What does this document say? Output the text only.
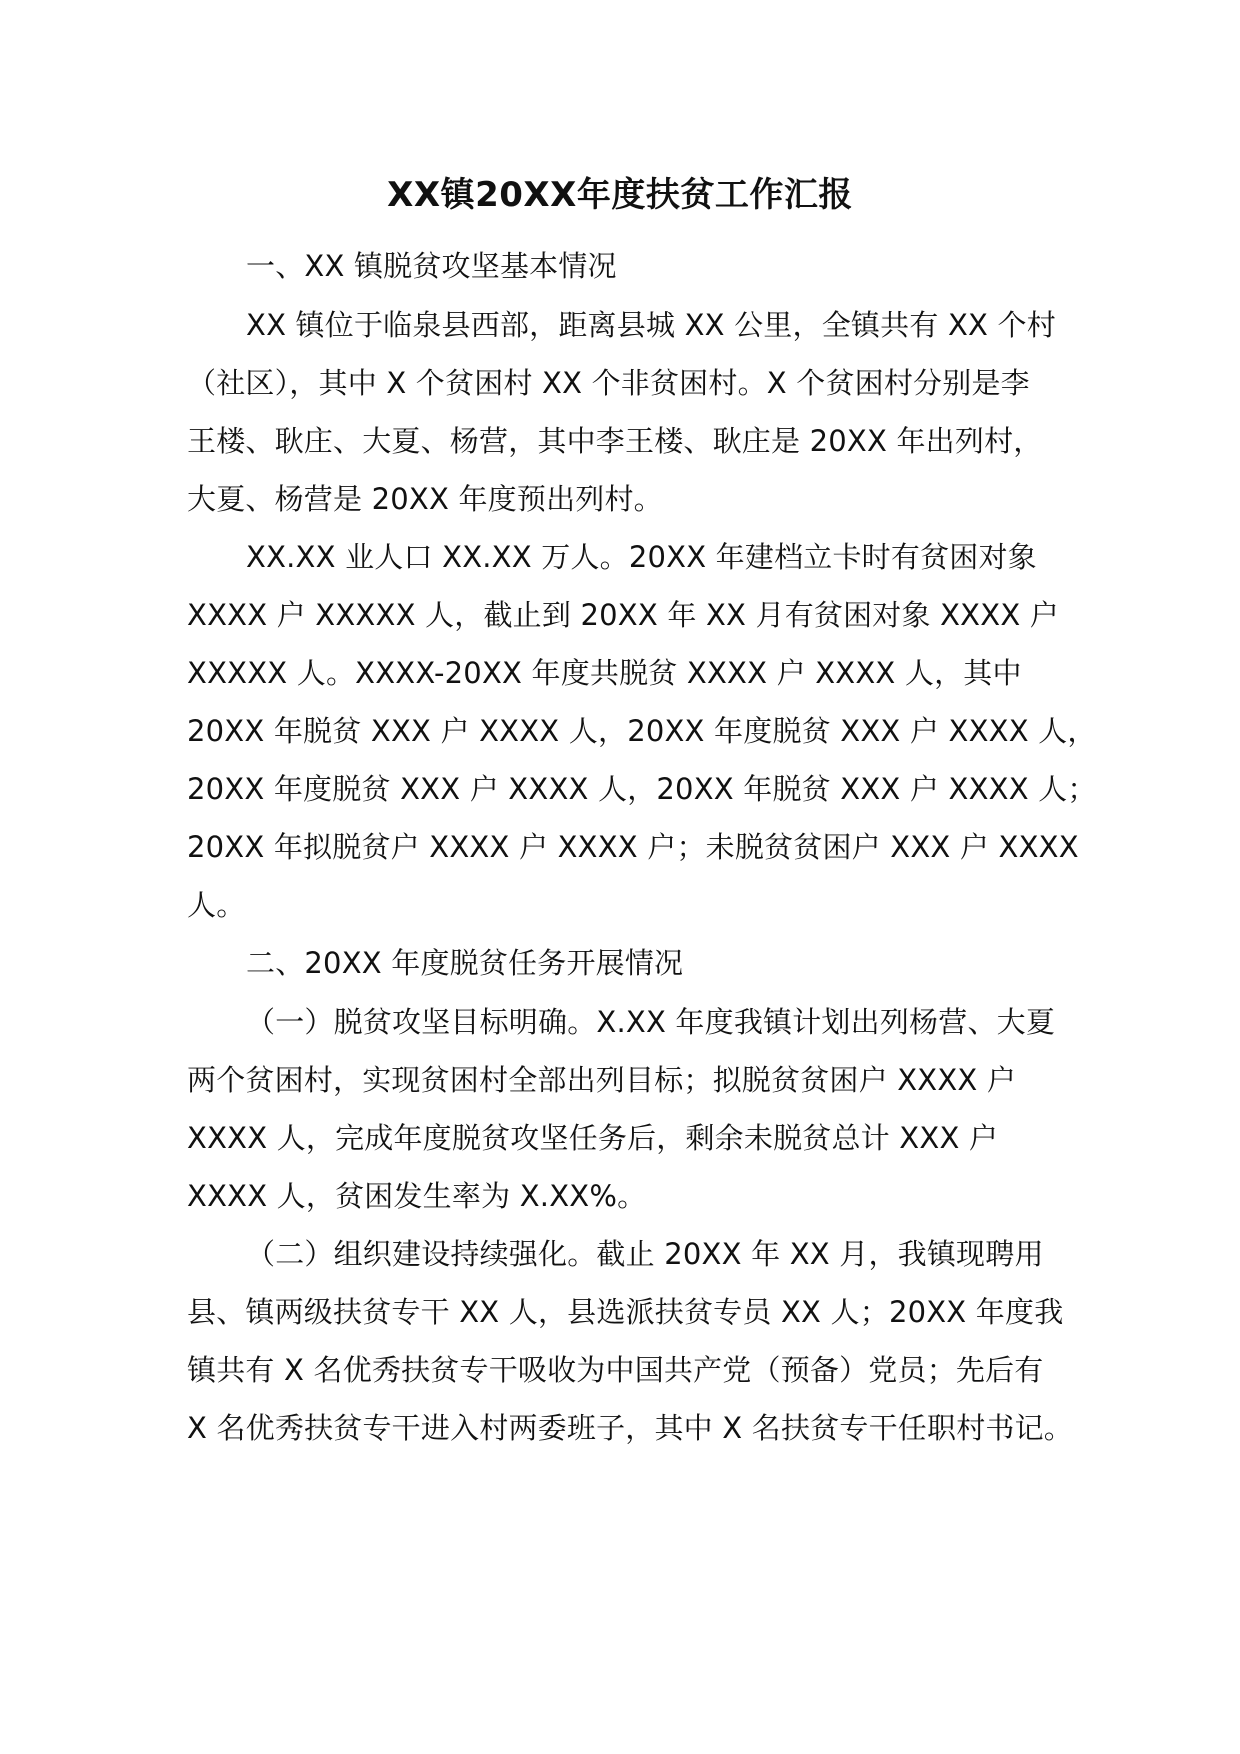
XX镇20XX年度扶贫工作汇报
一、XX 镇脱贫攻坚基本情况
XX 镇位于临泉县西部，距离县城 XX 公里，全镇共有 XX 个村
（社区），其中 X 个贫困村 XX 个非贫困村。X 个贫困村分别是李
王楼、耿庄、大夏、杨营，其中李王楼、耿庄是 20XX 年出列村，
大夏、杨营是 20XX 年度预出列村。
XX.XX 业人口 XX.XX 万人。20XX 年建档立卡时有贫困对象
XXXX 户 XXXXX 人，截止到 20XX 年 XX 月有贫困对象 XXXX 户
XXXXX 人。XXXX-20XX 年度共脱贫 XXXX 户 XXXX 人，其中
20XX 年脱贫 XXX 户 XXXX 人，20XX 年度脱贫 XXX 户 XXXX 人，
20XX 年度脱贫 XXX 户 XXXX 人，20XX 年脱贫 XXX 户 XXXX 人；
20XX 年拟脱贫户 XXXX 户 XXXX 户；未脱贫贫困户 XXX 户 XXXX
人。
二、20XX 年度脱贫任务开展情况
（一）脱贫攻坚目标明确。X.XX 年度我镇计划出列杨营、大夏
两个贫困村，实现贫困村全部出列目标；拟脱贫贫困户 XXXX 户
XXXX 人，完成年度脱贫攻坚任务后，剩余未脱贫总计 XXX 户
XXXX 人，贫困发生率为 X.XX%。
（二）组织建设持续强化。截止 20XX 年 XX 月，我镇现聘用
县、镇两级扶贫专干 XX 人，县选派扶贫专员 XX 人；20XX 年度我
镇共有 X 名优秀扶贫专干吸收为中国共产党（预备）党员；先后有
X 名优秀扶贫专干进入村两委班子，其中 X 名扶贫专干任职村书记。
